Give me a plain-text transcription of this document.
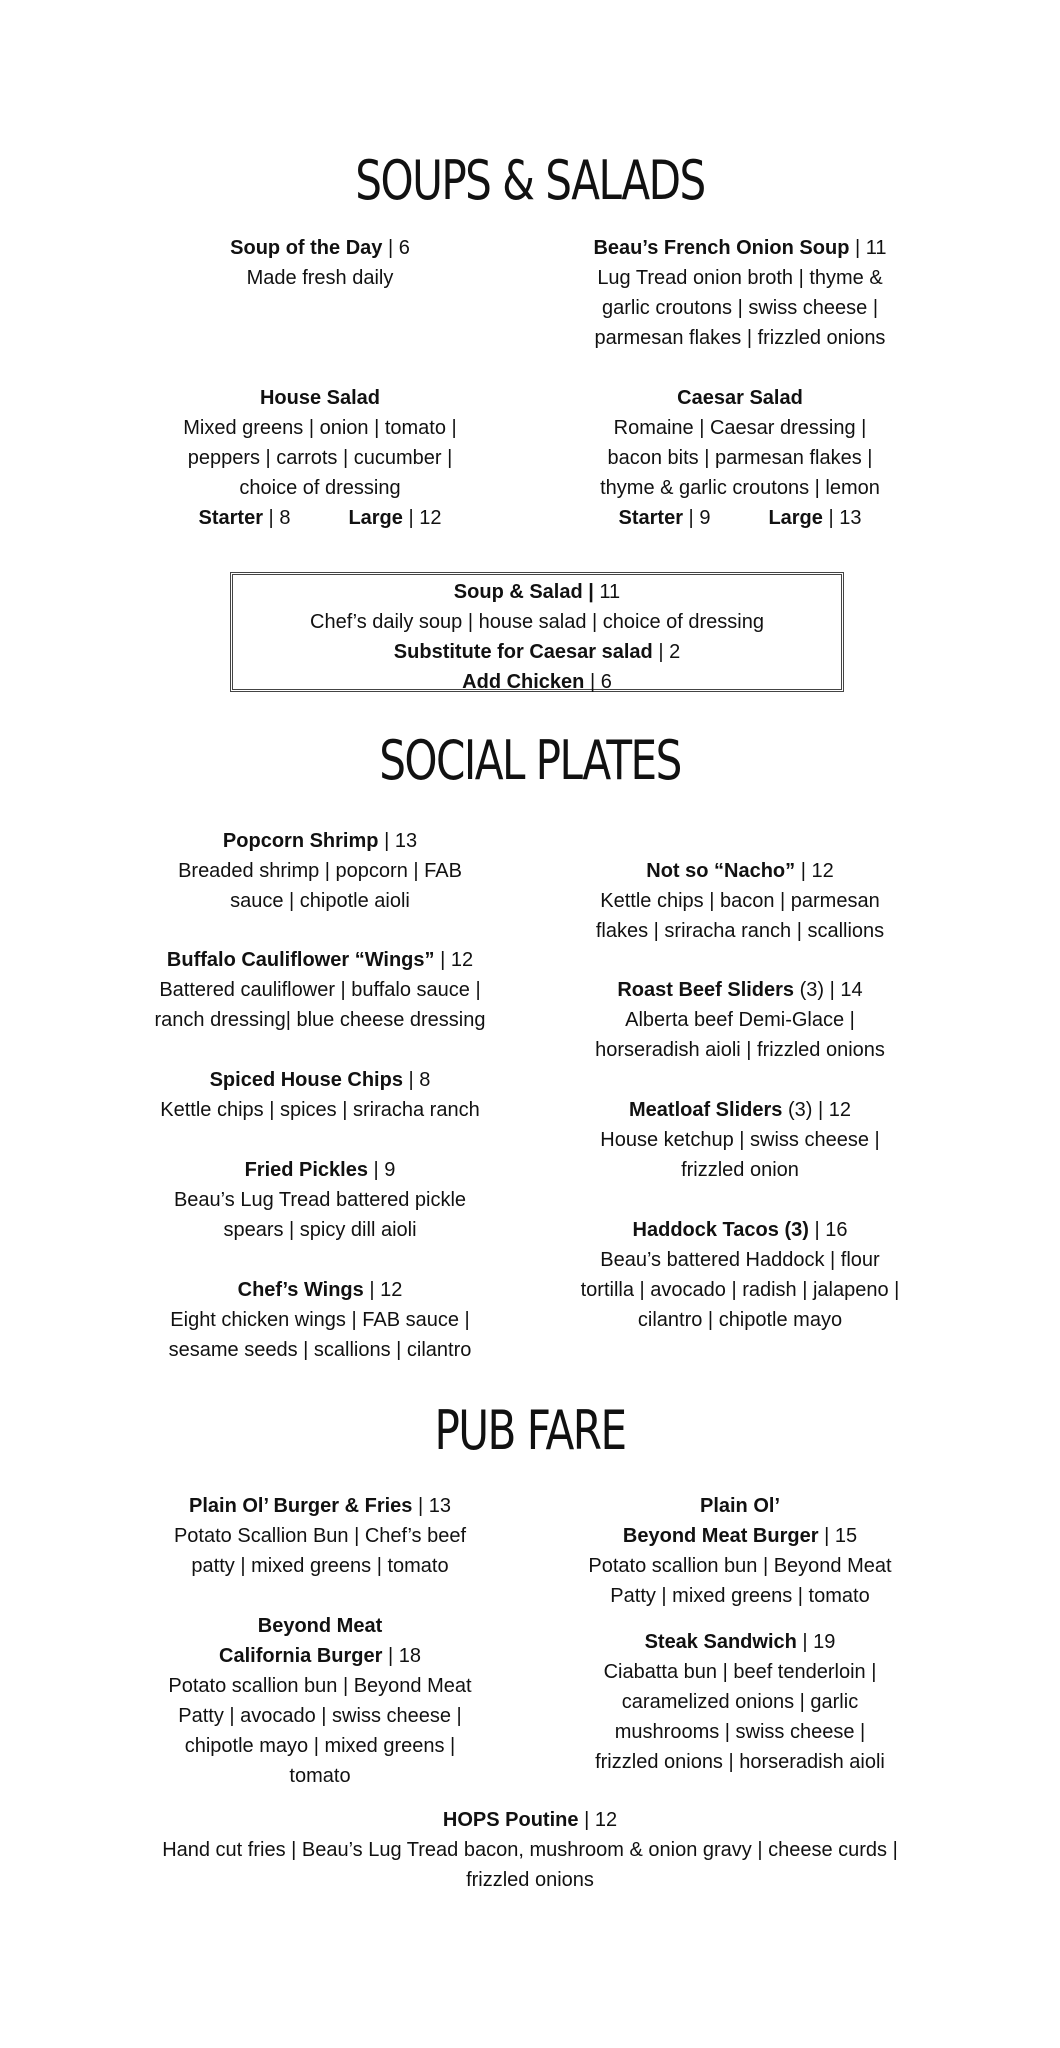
SOUPS & SALADS
Soup of the Day | 6
Made fresh daily
Beau’s French Onion Soup | 11
Lug Tread onion broth | thyme &
garlic croutons | swiss cheese |
parmesan flakes | frizzled onions
House Salad
Mixed greens | onion | tomato |
peppers | carrots | cucumber |
choice of dressing
Starter | 8	Large | 12
Caesar Salad
Romaine | Caesar dressing |
bacon bits | parmesan flakes |
thyme & garlic croutons | lemon
Starter | 9	Large | 13
Soup & Salad | 11
Chef’s daily soup | house salad | choice of dressing
Substitute for Caesar salad | 2
Add Chicken | 6
SOCIAL PLATES
Popcorn Shrimp | 13
Breaded shrimp | popcorn | FAB
sauce | chipotle aioli
Buffalo Cauliflower “Wings” | 12
Battered cauliflower | buffalo sauce |
ranch dressing| blue cheese dressing
Spiced House Chips | 8
Kettle chips | spices | sriracha ranch
Fried Pickles | 9
Beau’s Lug Tread battered pickle
spears | spicy dill aioli
Chef’s Wings | 12
Eight chicken wings | FAB sauce |
sesame seeds | scallions | cilantro
Not so “Nacho” | 12
Kettle chips | bacon | parmesan
flakes | sriracha ranch | scallions
Roast Beef Sliders (3) | 14
Alberta beef Demi-Glace |
horseradish aioli | frizzled onions
Meatloaf Sliders (3) | 12
House ketchup | swiss cheese |
frizzled onion
Haddock Tacos (3) | 16
Beau’s battered Haddock | flour
tortilla | avocado | radish | jalapeno |
cilantro | chipotle mayo
PUB FARE
Plain Ol’ Burger & Fries | 13
Potato Scallion Bun | Chef’s beef
patty | mixed greens | tomato
Beyond Meat
California Burger | 18
Potato scallion bun | Beyond Meat
Patty | avocado | swiss cheese |
chipotle mayo | mixed greens |
tomato
Plain Ol’
Beyond Meat Burger | 15
Potato scallion bun | Beyond Meat
Patty | mixed greens | tomato
Steak Sandwich | 19
Ciabatta bun | beef tenderloin |
caramelized onions | garlic
mushrooms | swiss cheese |
frizzled onions | horseradish aioli
HOPS Poutine | 12
Hand cut fries | Beau’s Lug Tread bacon, mushroom & onion gravy | cheese curds |
frizzled onions
